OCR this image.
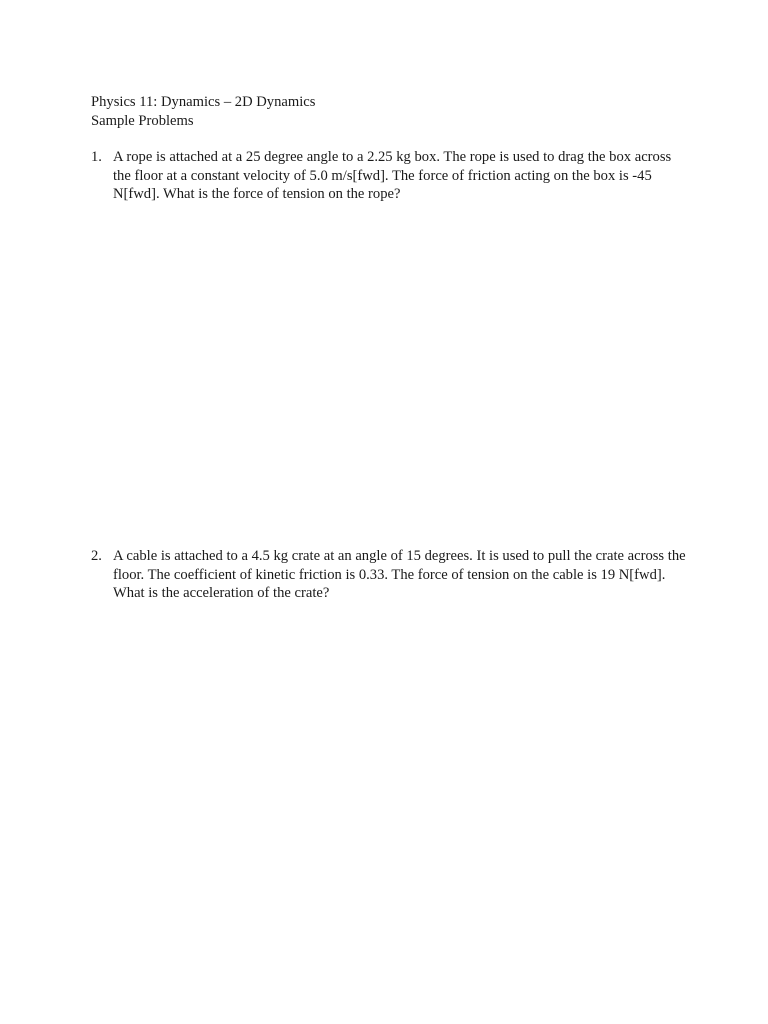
Physics 11: Dynamics – 2D Dynamics
Sample Problems
1. A rope is attached at a 25 degree angle to a 2.25 kg box. The rope is used to drag the box across the floor at a constant velocity of 5.0 m/s[fwd]. The force of friction acting on the box is -45 N[fwd]. What is the force of tension on the rope?
2. A cable is attached to a 4.5 kg crate at an angle of 15 degrees. It is used to pull the crate across the floor. The coefficient of kinetic friction is 0.33. The force of tension on the cable is 19 N[fwd]. What is the acceleration of the crate?
